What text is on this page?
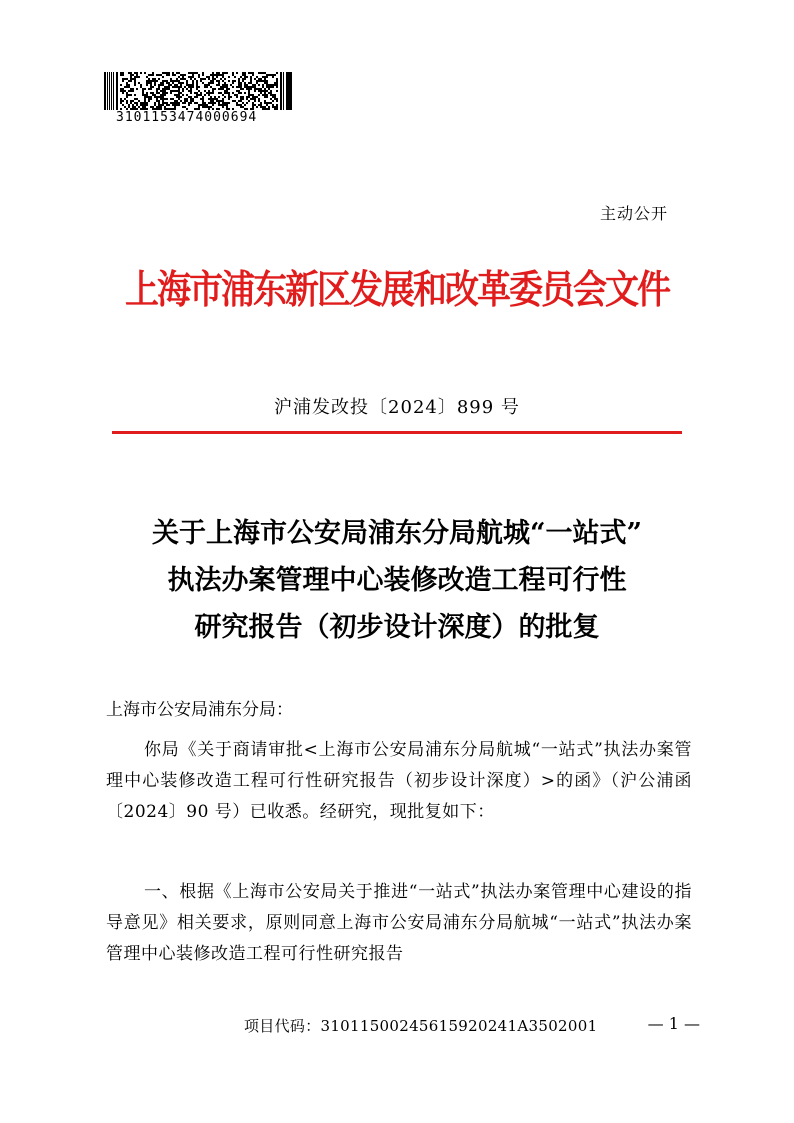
3101153474000694
主动公开
上海市浦东新区发展和改革委员会文件
沪浦发改投〔2024〕899 号
关于上海市公安局浦东分局航城“一站式”
执法办案管理中心装修改造工程可行性
研究报告（初步设计深度）的批复
上海市公安局浦东分局：
你局《关于商请审批<上海市公安局浦东分局航城“一站式”执法办案管理中心装修改造工程可行性研究报告（初步设计深度）>的函》（沪公浦函〔2024〕90 号）已收悉。经研究，现批复如下：
一、根据《上海市公安局关于推进“一站式”执法办案管理中心建设的指导意见》相关要求，原则同意上海市公安局浦东分局航城“一站式”执法办案管理中心装修改造工程可行性研究报告
项目代码：31011500245615920241A3502001	— 1 —
